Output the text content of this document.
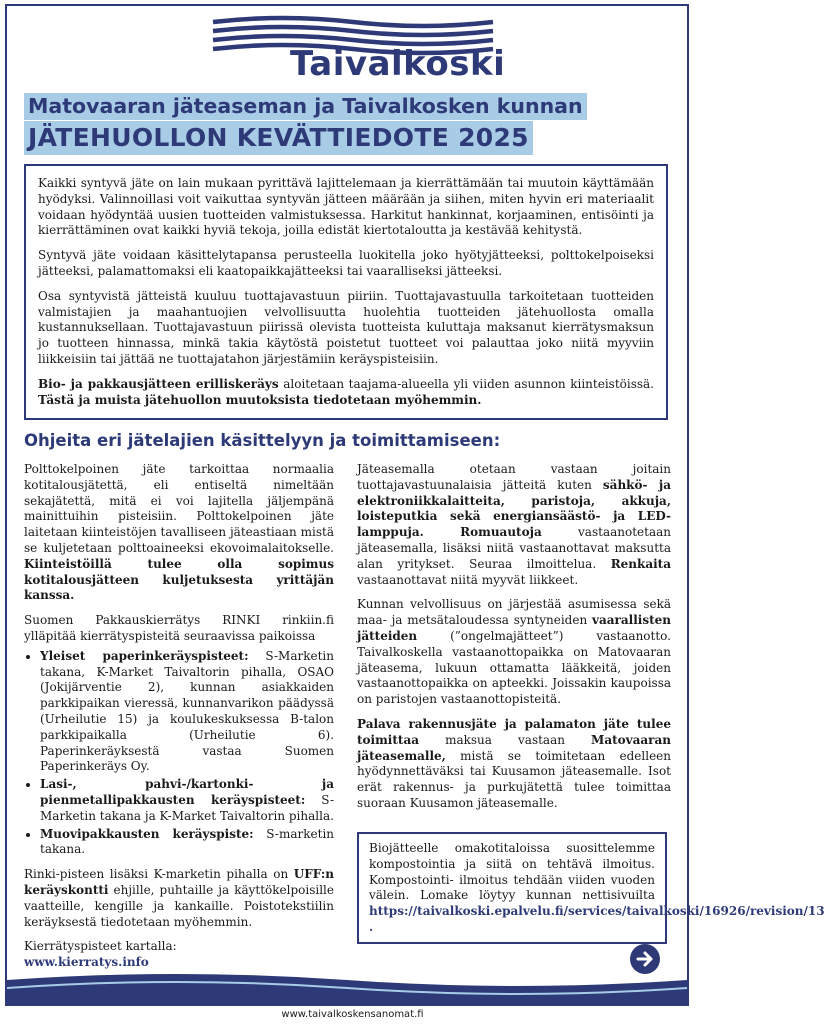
Taivalkoski
Matovaaran jäteaseman ja Taivalkosken kunnan
JÄTEHUOLLON KEVÄTTIEDOTE 2025

Kaikki syntyvä jäte on lain mukaan pyrittävä lajittelemaan ja kierrättämään tai muutoin käyttämään hyödyksi. Valinnoillasi voit vaikuttaa syntyvän jätteen määrään ja siihen, miten hyvin eri materiaalit voidaan hyödyntää uusien tuotteiden valmistuksessa. Harkitut hankinnat, korjaaminen, entisöinti ja kierrättäminen ovat kaikki hyviä tekoja, joilla edistät kiertotaloutta ja kestävää kehitystä.

Syntyvä jäte voidaan käsittelytapansa perusteella luokitella joko hyötyjätteeksi, polttokelpoiseksi jätteeksi, palamattomaksi eli kaatopaikkajätteeksi tai vaaralliseksi jätteeksi.

Osa syntyvistä jätteistä kuuluu tuottajavastuun piiriin. Tuottajavastuulla tarkoitetaan tuotteiden valmistajien ja maahantuojien velvollisuutta huolehtia tuotteiden jätehuollosta omalla kustannuksellaan. Tuottajavastuun piirissä olevista tuotteista kuluttaja maksanut kierrätysmaksun jo tuotteen hinnassa, minkä takia käytöstä poistetut tuotteet voi palauttaa joko niitä myyviin liikkeisiin tai jättää ne tuottajatahon järjestämiin keräyspisteisiin.

Bio- ja pakkausjätteen erilliskeräys aloitetaan taajama-alueella yli viiden asunnon kiinteistöissä. Tästä ja muista jätehuollon muutoksista tiedotetaan myöhemmin.

Ohjeita eri jätelajien käsittelyyn ja toimittamiseen:

Polttokelpoinen jäte tarkoittaa normaalia kotitalousjätettä, eli entiseltä nimeltään sekajätettä, mitä ei voi lajitella jäljempänä mainittuihin pisteisiin. Polttokelpoinen jäte laitetaan kiinteistöjen tavalliseen jäteastiaan mistä se kuljetetaan polttoaineeksi ekovoimalaitokselle. Kiinteistöillä tulee olla sopimus kotitalousjätteen kuljetuksesta yrittäjän kanssa.

Suomen Pakkauskierrätys RINKI rinkiin.fi ylläpitää kierrätyspisteitä seuraavissa paikoissa

• Yleiset paperinkeräyspisteet: S-Marketin takana, K-Market Taivaltorin pihalla, OSAO (Jokijärventie 2), kunnan asiakkaiden parkkipaikan vieressä, kunnanvarikon päädyssä (Urheilutie 15) ja koulukeskuksessa B-talon parkkipaikalla (Urheilutie 6). Paperinkeräyksestä vastaa Suomen Paperinkeräys Oy.
• Lasi-, pahvi-/kartonki- ja pienmetallipakkausten keräyspisteet: S-Marketin takana ja K-Market Taivaltorin pihalla.
• Muovipakkausten keräyspiste: S-marketin takana.

Rinki-pisteen lisäksi K-marketin pihalla on UFF:n keräyskontti ehjille, puhtaille ja käyttökelpoisille vaatteille, kengille ja kankaille. Poistotekstiilin keräyksestä tiedotetaan myöhemmin.

Kierrätyspisteet kartalla:
www.kierratys.info

Jäteasemalla otetaan vastaan joitain tuottajavastuunalaisia jätteitä kuten sähkö- ja elektroniikkalaitteita, paristoja, akkuja, loisteputkia sekä energiansäästö- ja LED-lamppuja.	Romuautoja vastaanotetaan jäteasemalla, lisäksi niitä vastaanottavat maksutta alan yritykset. Seuraa ilmoittelua. Renkaita vastaanottavat niitä myyvät liikkeet.

Kunnan velvollisuus on järjestää asumisessa sekä maa- ja metsätaloudessa syntyneiden vaarallisten jätteiden (”ongelmajätteet”) vastaanotto. Taivalkoskella vastaanottopaikka on Matovaaran jäteasema, lukuun ottamatta lääkkeitä, joiden vastaanottopaikka on apteekki. Joissakin kaupoissa on paristojen vastaanottopisteitä.

Palava rakennusjäte ja palamaton jäte tulee toimittaa maksua vastaan Matovaaran jäteasemalle, mistä se toimitetaan edelleen hyödynnettäväksi tai Kuusamon jäteasemalle. Isot erät rakennus- ja purkujätettä tulee toimittaa suoraan Kuusamon jäteasemalle.

Biojätteelle omakotitaloissa suosittelemme kompostointia ja siitä on tehtävä ilmoitus. Kompostointi- ilmoitus tehdään viiden vuoden välein. Lomake löytyy kunnan nettisivuilta https://taivalkoski.epalvelu.fi/services/taivalkoski/16926/revision/13 .

www.taivalkoskensanomat.fi
